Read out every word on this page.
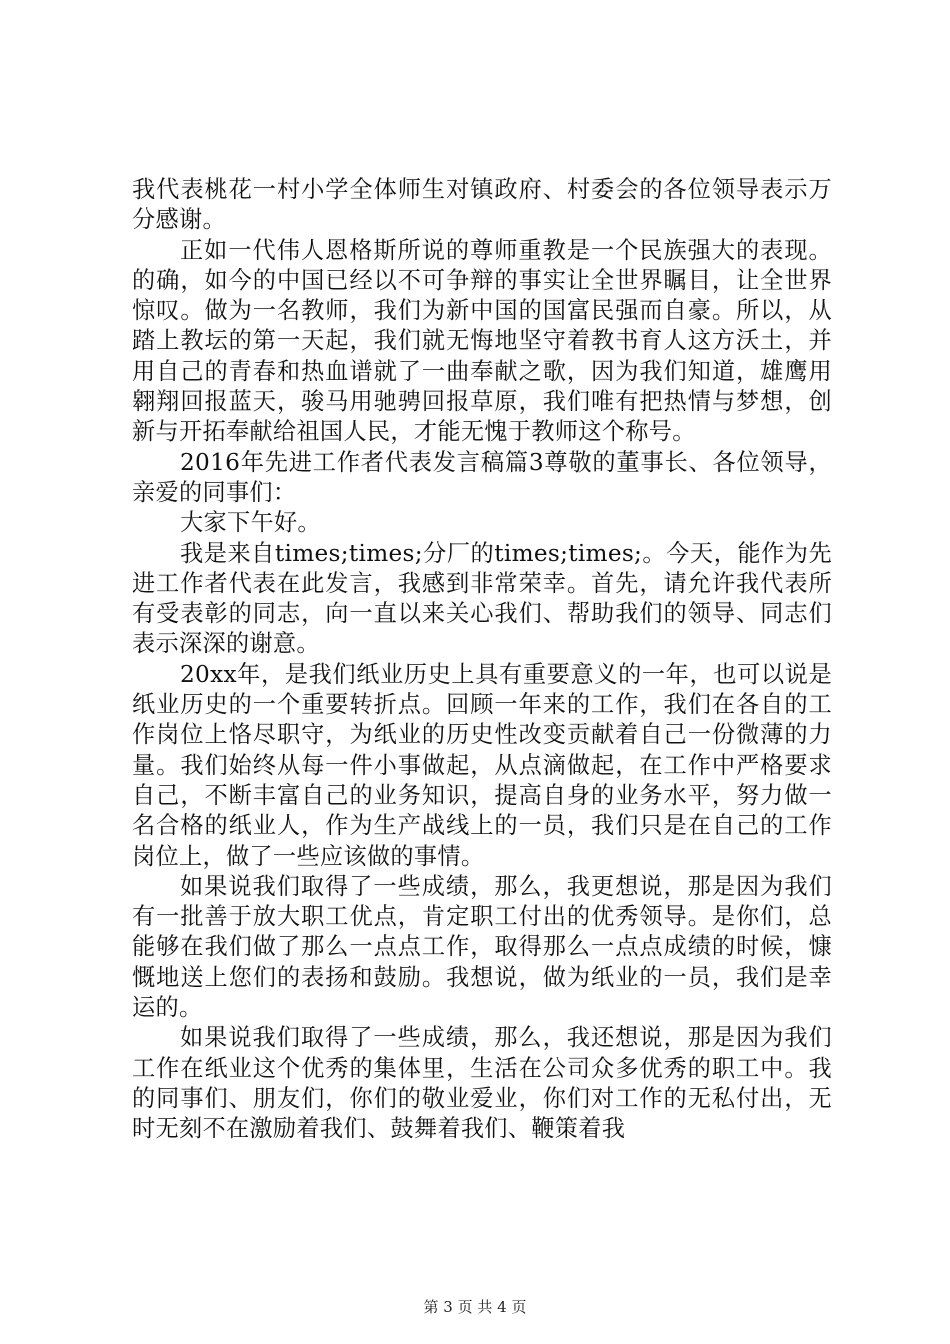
我代表桃花一村小学全体师生对镇政府、村委会的各位领导表示万分感谢。

正如一代伟人恩格斯所说的尊师重教是一个民族强大的表现。的确，如今的中国已经以不可争辩的事实让全世界瞩目，让全世界惊叹。做为一名教师，我们为新中国的国富民强而自豪。所以，从踏上教坛的第一天起，我们就无悔地坚守着教书育人这方沃土，并用自己的青春和热血谱就了一曲奉献之歌，因为我们知道，雄鹰用翱翔回报蓝天，骏马用驰骋回报草原，我们唯有把热情与梦想，创新与开拓奉献给祖国人民，才能无愧于教师这个称号。

2016年先进工作者代表发言稿篇3尊敬的董事长、各位领导，亲爱的同事们：

大家下午好。

我是来自times;times;分厂的times;times;。今天，能作为先进工作者代表在此发言，我感到非常荣幸。首先，请允许我代表所有受表彰的同志，向一直以来关心我们、帮助我们的领导、同志们表示深深的谢意。

20xx年，是我们纸业历史上具有重要意义的一年，也可以说是纸业历史的一个重要转折点。回顾一年来的工作，我们在各自的工作岗位上恪尽职守，为纸业的历史性改变贡献着自己一份微薄的力量。我们始终从每一件小事做起，从点滴做起，在工作中严格要求自己，不断丰富自己的业务知识，提高自身的业务水平，努力做一名合格的纸业人，作为生产战线上的一员，我们只是在自己的工作岗位上，做了一些应该做的事情。

如果说我们取得了一些成绩，那么，我更想说，那是因为我们有一批善于放大职工优点，肯定职工付出的优秀领导。是你们，总能够在我们做了那么一点点工作，取得那么一点点成绩的时候，慷慨地送上您们的表扬和鼓励。我想说，做为纸业的一员，我们是幸运的。

如果说我们取得了一些成绩，那么，我还想说，那是因为我们工作在纸业这个优秀的集体里，生活在公司众多优秀的职工中。我的同事们、朋友们，你们的敬业爱业，你们对工作的无私付出，无时无刻不在激励着我们、鼓舞着我们、鞭策着我

第 3 页 共 4 页
